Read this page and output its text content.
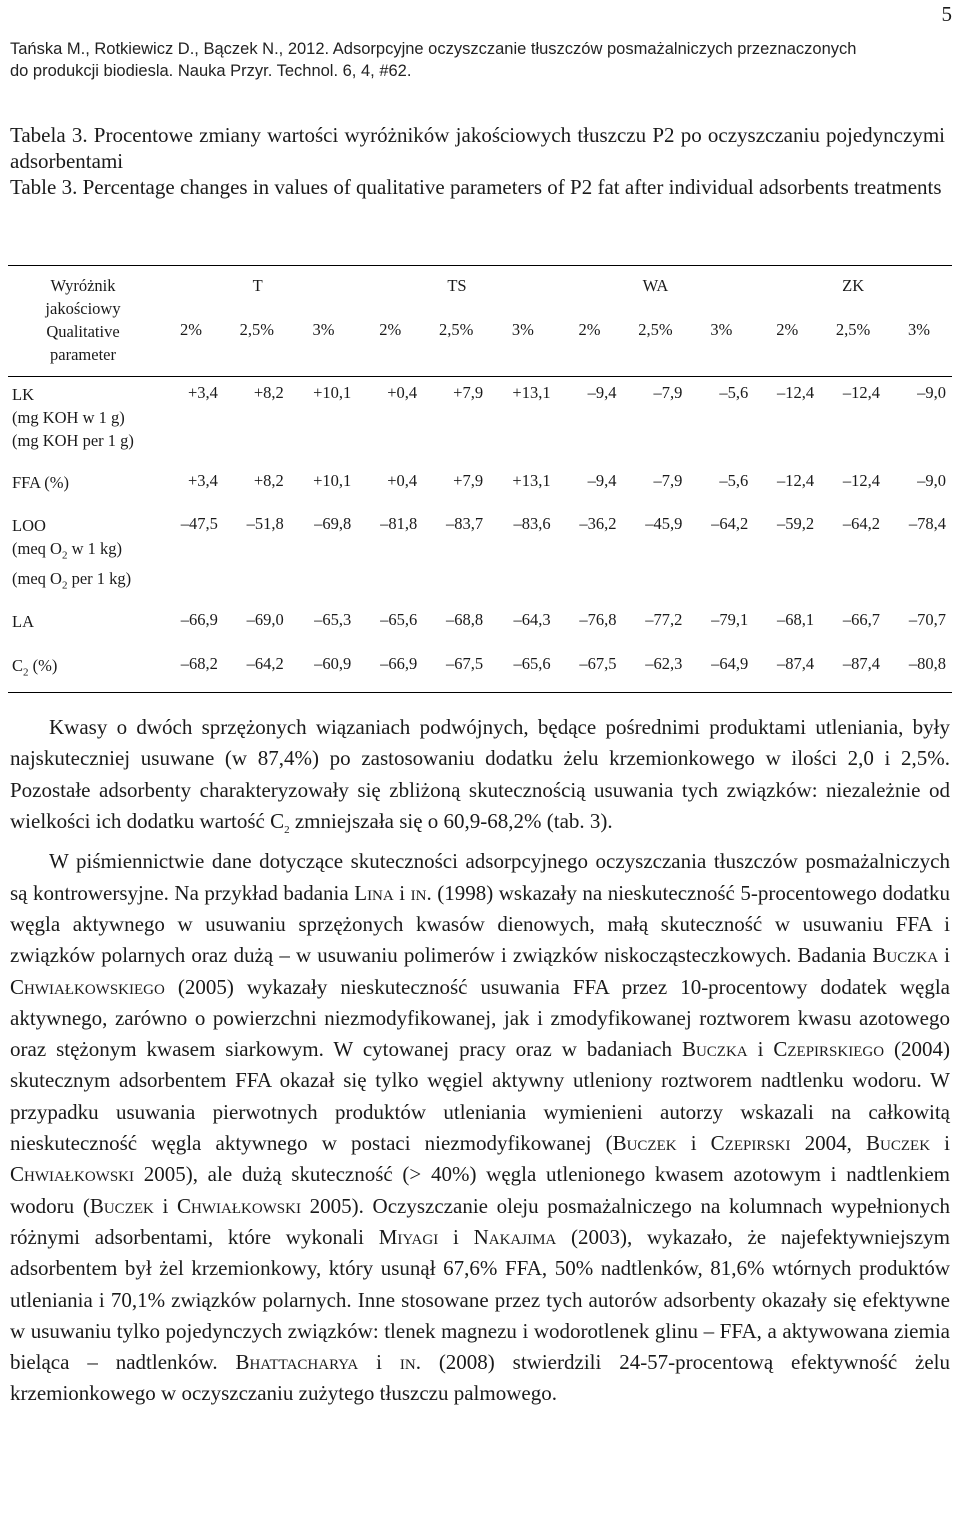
5
Tańska M., Rotkiewicz D., Bączek N., 2012. Adsorpcyjne oczyszczanie tłuszczów posmażalniczych przeznaczonych
do produkcji biodiesla. Nauka Przyr. Technol. 6, 4, #62.
Tabela 3. Procentowe zmiany wartości wyróżników jakościowych tłuszczu P2 po oczyszczaniu pojedynczymi adsorbentami
Table 3. Percentage changes in values of qualitative parameters of P2 fat after individual adsorbents treatments
Wyróżnik
jakościowy
Qualitative
parameter	T			TS			WA			ZK		
	2%	2,5%	3%	2%	2,5%	3%	2%	2,5%	3%	2%	2,5%	3%

LK
(mg KOH w 1 g)
(mg KOH per 1 g)	+3,4	+8,2	+10,1	+0,4	+7,9	+13,1	–9,4	–7,9	–5,6	–12,4	–12,4	–9,0

FFA (%)	+3,4	+8,2	+10,1	+0,4	+7,9	+13,1	–9,4	–7,9	–5,6	–12,4	–12,4	–9,0

LOO
(meq $O_2$ w 1 kg)
(meq $O_2$ per 1 kg)	–47,5	–51,8	–69,8	–81,8	–83,7	–83,6	–36,2	–45,9	–64,2	–59,2	–64,2	–78,4

LA	–66,9	–69,0	–65,3	–65,6	–68,8	–64,3	–76,8	–77,2	–79,1	–68,1	–66,7	–70,7

$C_2$ (%)	–68,2	–64,2	–60,9	–66,9	–67,5	–65,6	–67,5	–62,3	–64,9	–87,4	–87,4	–80,8

Kwasy o dwóch sprzężonych wiązaniach podwójnych, będące pośrednimi produktami utleniania, były najskuteczniej usuwane (w 87,4%) po zastosowaniu dodatku żelu krzemionkowego w ilości 2,0 i 2,5%. Pozostałe adsorbenty charakteryzowały się zbliżoną skutecznością usuwania tych związków: niezależnie od wielkości ich dodatku wartość $C_2$ zmniejszała się o 60,9-68,2% (tab. 3).

W piśmiennictwie dane dotyczące skuteczności adsorpcyjnego oczyszczania tłuszczów posmażalniczych są kontrowersyjne. Na przykład badania Lina i in. (1998) wskazały na nieskuteczność 5-procentowego dodatku węgla aktywnego w usuwaniu sprzężonych kwasów dienowych, małą skuteczność w usuwaniu FFA i związków polarnych oraz dużą – w usuwaniu polimerów i związków niskocząsteczkowych. Badania Buczka i Chwiałkowskiego (2005) wykazały nieskuteczność usuwania FFA przez 10-procentowy dodatek węgla aktywnego, zarówno o powierzchni niezmodyfikowanej, jak i zmodyfikowanej roztworem kwasu azotowego oraz stężonym kwasem siarkowym. W cytowanej pracy oraz w badaniach Buczka i Czepirskiego (2004) skutecznym adsorbentem FFA okazał się tylko węgiel aktywny utleniony roztworem nadtlenku wodoru. W przypadku usuwania pierwotnych produktów utleniania wymienieni autorzy wskazali na całkowitą nieskuteczność węgla aktywnego w postaci niezmodyfikowanej (Buczek i Czepirski 2004, Buczek i Chwiałkowski 2005), ale dużą skuteczność (> 40%) węgla utlenionego kwasem azotowym i nadtlenkiem wodoru (Buczek i Chwiałkowski 2005). Oczyszczanie oleju posmażalniczego na kolumnach wypełnionych różnymi adsorbentami, które wykonali Miyagi i Nakajima (2003), wykazało, że najefektywniejszym adsorbentem był żel krzemionkowy, który usunął 67,6% FFA, 50% nadtlenków, 81,6% wtórnych produktów utleniania i 70,1% związków polarnych. Inne stosowane przez tych autorów adsorbenty okazały się efektywne w usuwaniu tylko pojedynczych związków: tlenek magnezu i wodorotlenek glinu – FFA, a aktywowana ziemia bieląca – nadtlenków. Bhattacharya i in. (2008) stwierdzili 24-57-procentową efektywność żelu krzemionkowego w oczyszczaniu zużytego tłuszczu palmowego.
